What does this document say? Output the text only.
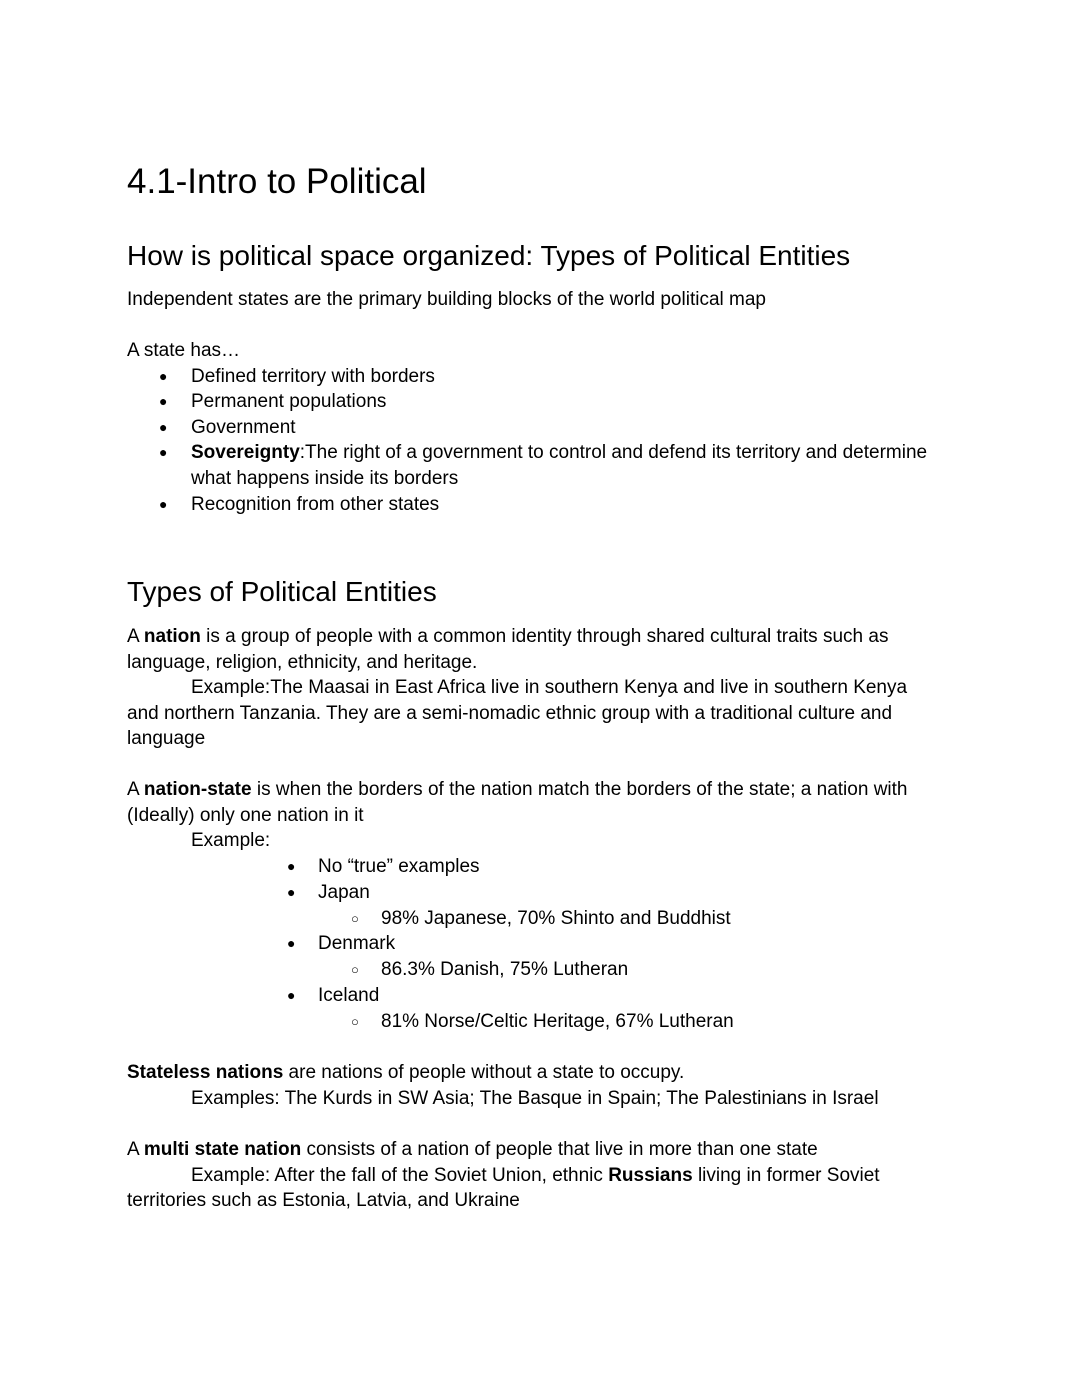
4.1-Intro to Political
How is political space organized: Types of Political Entities

Independent states are the primary building blocks of the world political map

A state has…
● Defined territory with borders
● Permanent populations
● Government
● Sovereignty:The right of a government to control and defend its territory and determine
what happens inside its borders
● Recognition from other states
Types of Political Entities
A nation is a group of people with a common identity through shared cultural traits such as
language, religion, ethnicity, and heritage.
Example:The Maasai in East Africa live in southern Kenya and live in southern Kenya
and northern Tanzania. They are a semi-nomadic ethnic group with a traditional culture and
language
A nation-state is when the borders of the nation match the borders of the state; a nation with
(Ideally) only one nation in it
Example:
● No “true” examples
● Japan
○ 98% Japanese, 70% Shinto and Buddhist
● Denmark
○ 86.3% Danish, 75% Lutheran
● Iceland
○ 81% Norse/Celtic Heritage, 67% Lutheran
Stateless nations are nations of people without a state to occupy.
Examples: The Kurds in SW Asia; The Basque in Spain; The Palestinians in Israel
A multi state nation consists of a nation of people that live in more than one state
Example: After the fall of the Soviet Union, ethnic Russians living in former Soviet
territories such as Estonia, Latvia, and Ukraine
